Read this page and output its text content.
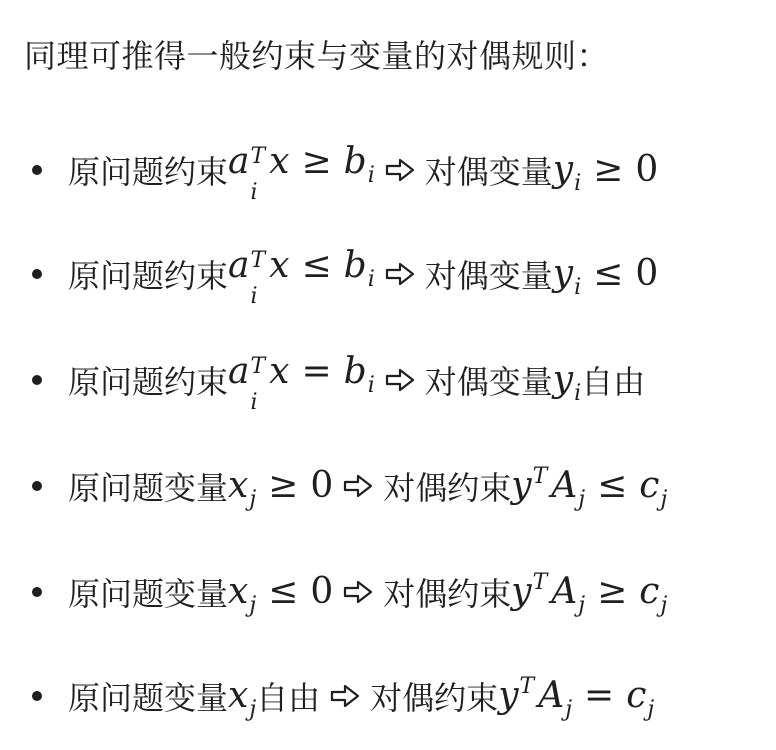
同理可推得一般约束与变量的对偶规则：
原问题约束 a T
i
x ≥ b i 对偶变量 y i ≥ 0
原问题约束 a T
i
x ≤ b i 对偶变量 y i ≤ 0
原问题约束 a T
i
x = b i 对偶变量 y i 自由
原问题变量 x j ≥ 0 对偶约束 y T A j ≤ c j
原问题变量 x j ≤ 0 对偶约束 y T A j ≥ c j
原问题变量 x j 自由 对偶约束 y T A j = c j
